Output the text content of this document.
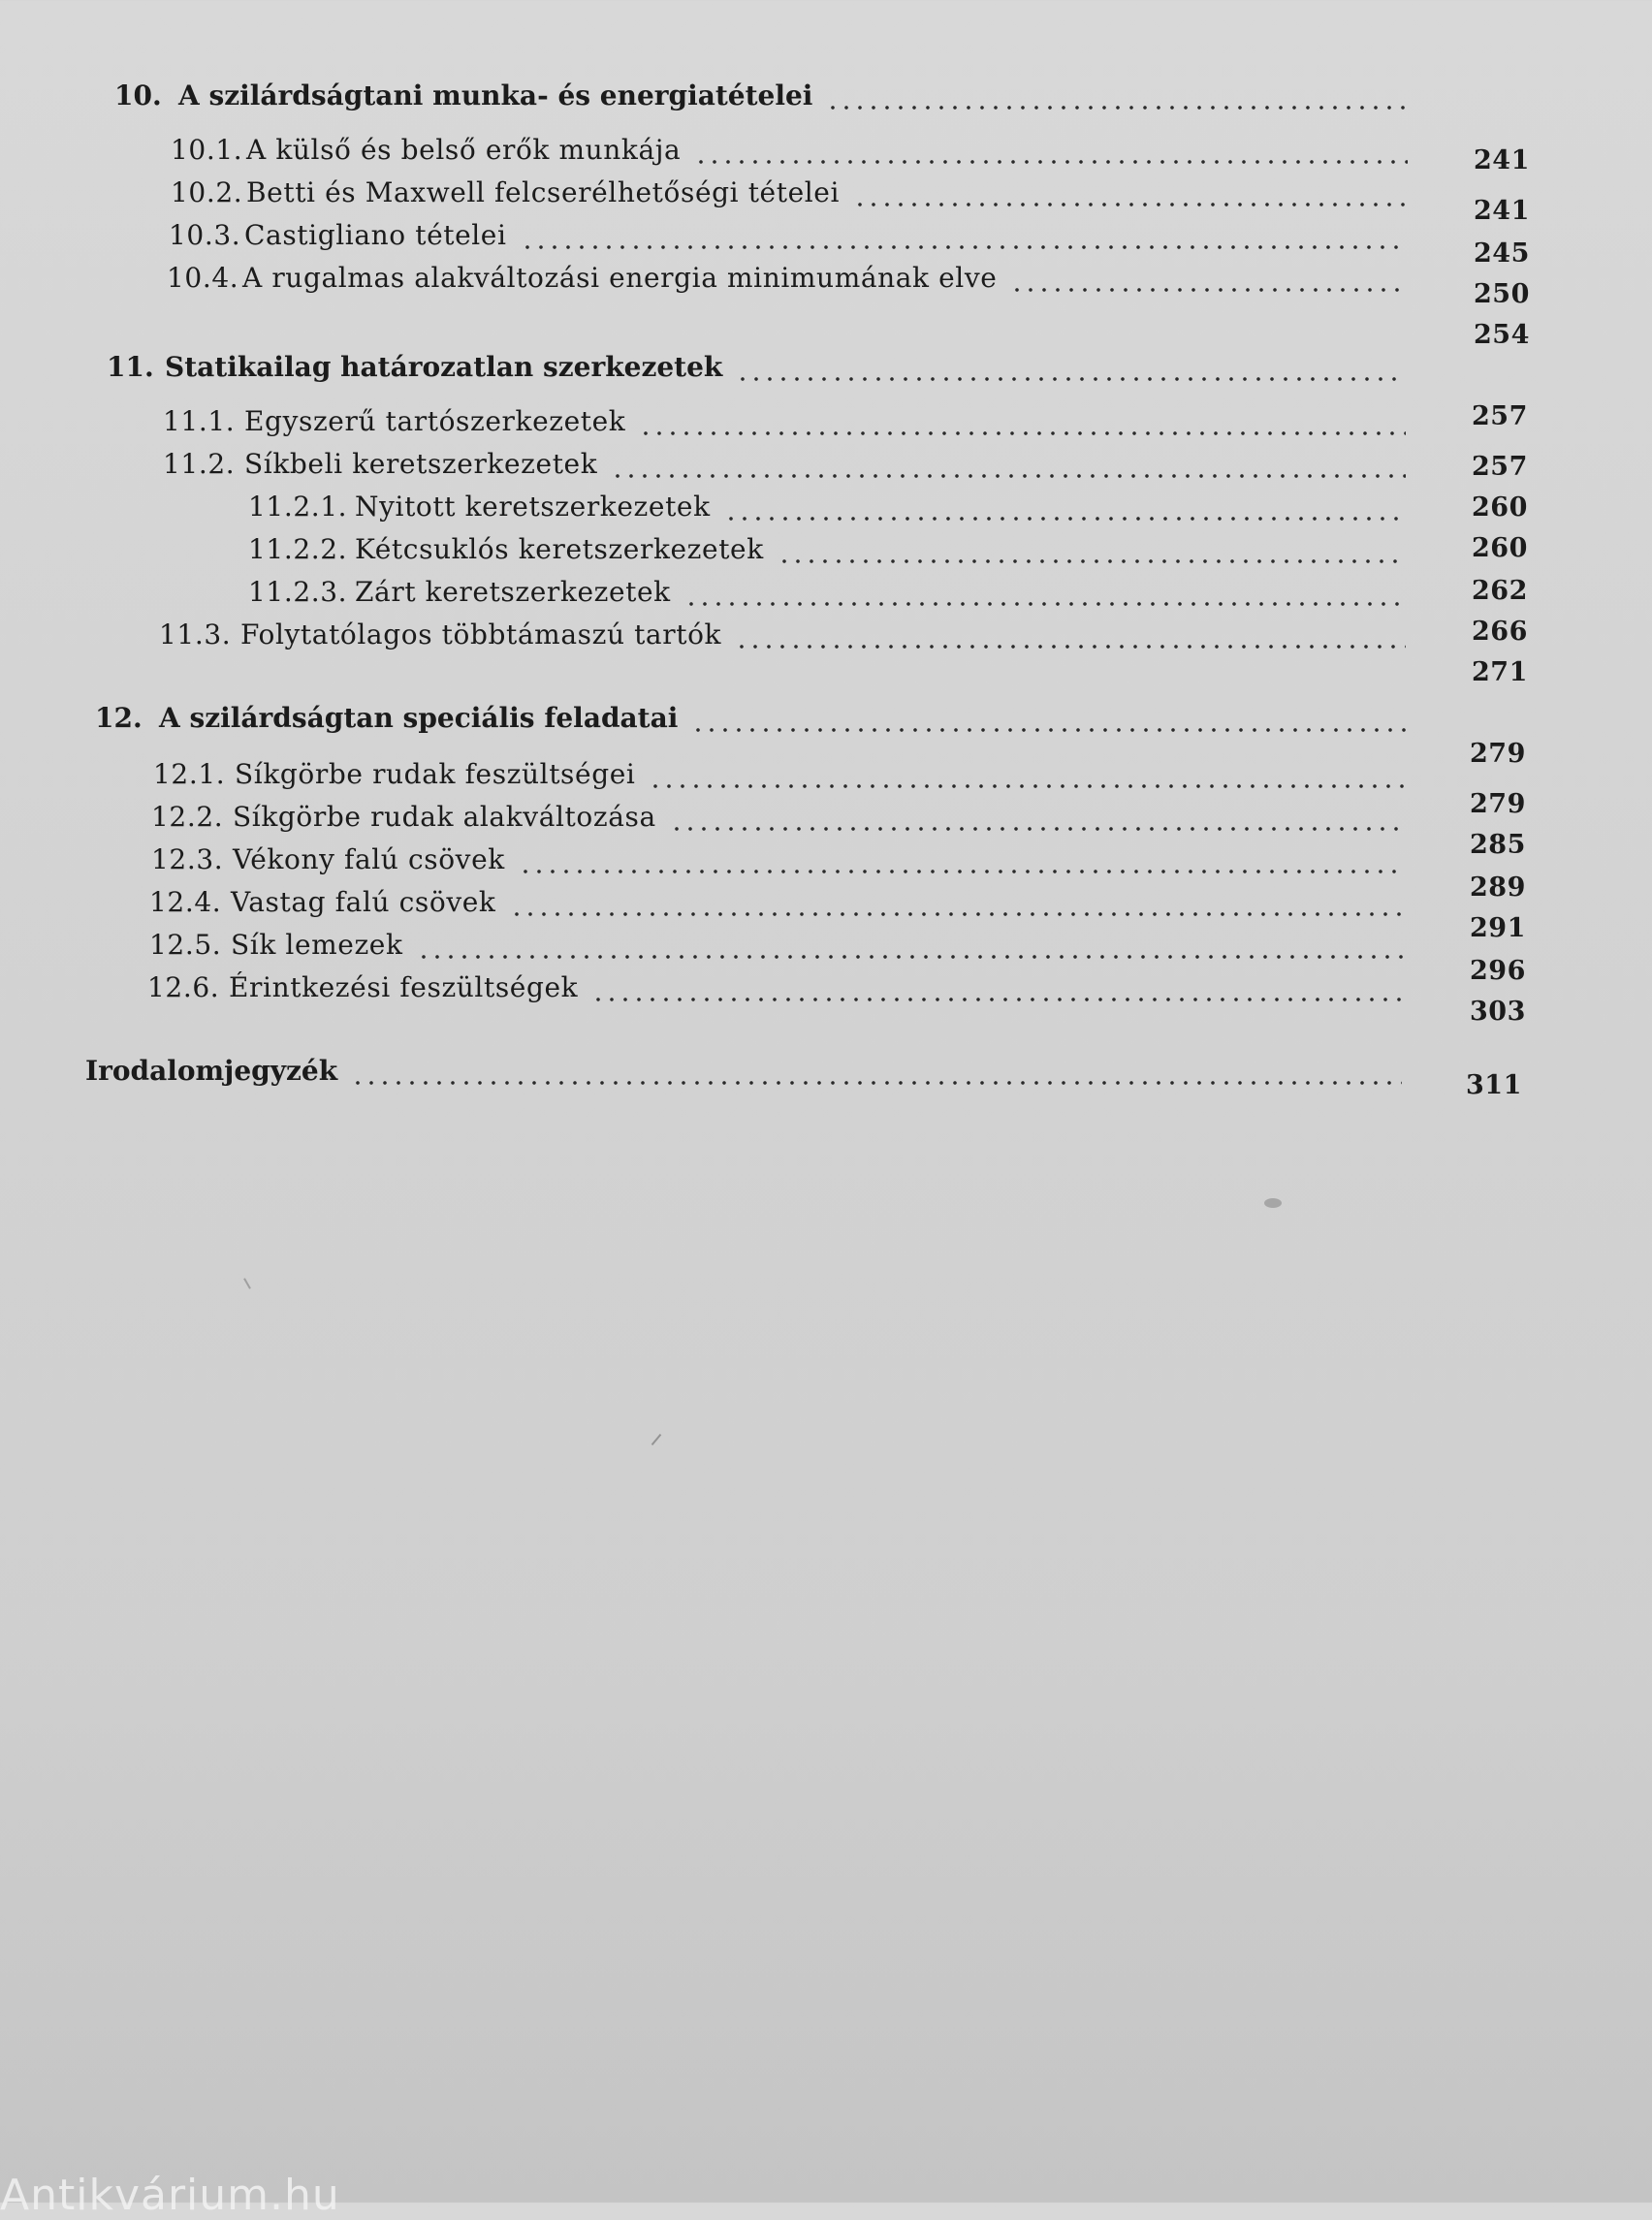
10. A szilárdságtani munka- és energiatételei
10.1. A külső és belső erők munkája
10.2. Betti és Maxwell felcserélhetőségi tételei
10.3. Castigliano tételei
10.4. A rugalmas alakváltozási energia minimumának elve
11. Statikailag határozatlan szerkezetek
11.1. Egyszerű tartószerkezetek
11.2. Síkbeli keretszerkezetek
11.2.1. Nyitott keretszerkezetek
11.2.2. Kétcsuklós keretszerkezetek
11.2.3. Zárt keretszerkezetek
11.3. Folytatólagos többtámaszú tartók
12. A szilárdságtan speciális feladatai
12.1. Síkgörbe rudak feszültségei
12.2. Síkgörbe rudak alakváltozása
12.3. Vékony falú csövek
12.4. Vastag falú csövek
12.5. Sík lemezek
12.6. Érintkezési feszültségek
Irodalomjegyzék
241
241
245
250
254
257
257
260
260
262
266
271
279
279
285
289
291
296
303
311
Antikvárium.hu
